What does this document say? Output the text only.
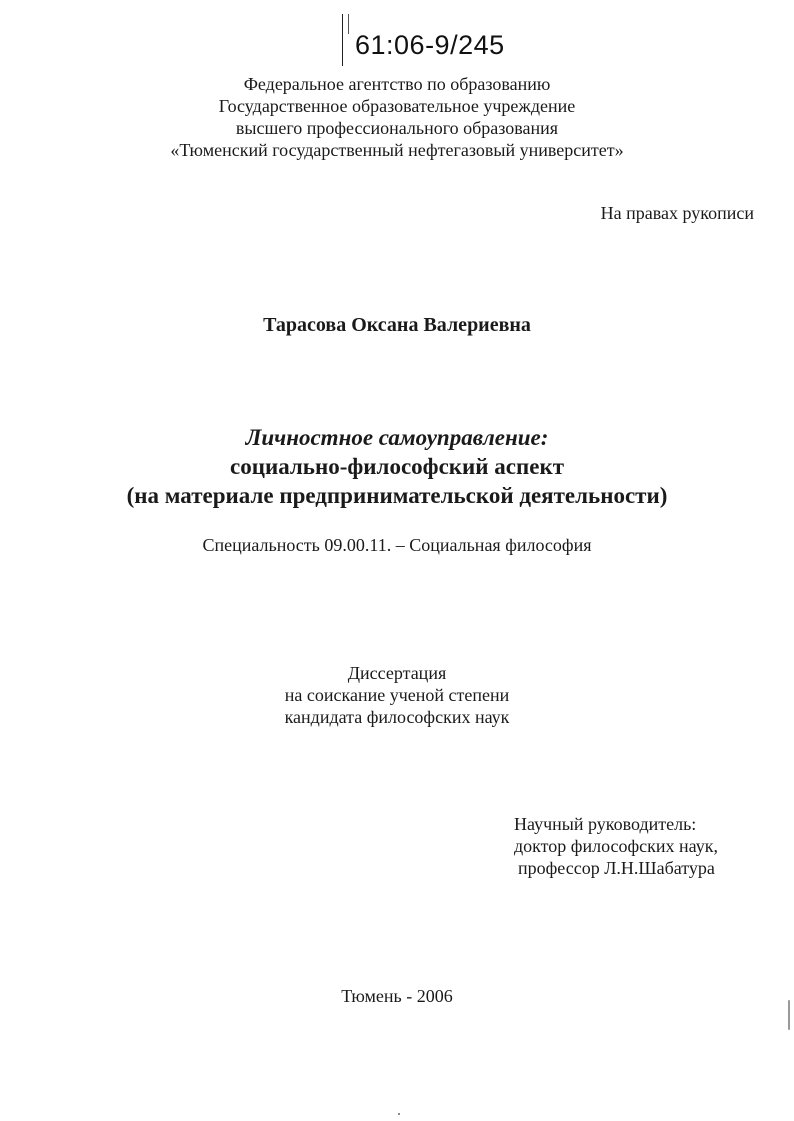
61:06-9/245
Федеральное агентство по образованию
Государственное образовательное учреждение
высшего профессионального образования
«Тюменский государственный нефтегазовый университет»
На правах рукописи
Тарасова Оксана Валериевна
Личностное самоуправление:
социально-философский аспект
(на материале предпринимательской деятельности)
Специальность 09.00.11. – Социальная философия
Диссертация
на соискание ученой степени
кандидата философских наук
Научный руководитель:
доктор философских наук,
профессор Л.Н.Шабатура
Тюмень - 2006
